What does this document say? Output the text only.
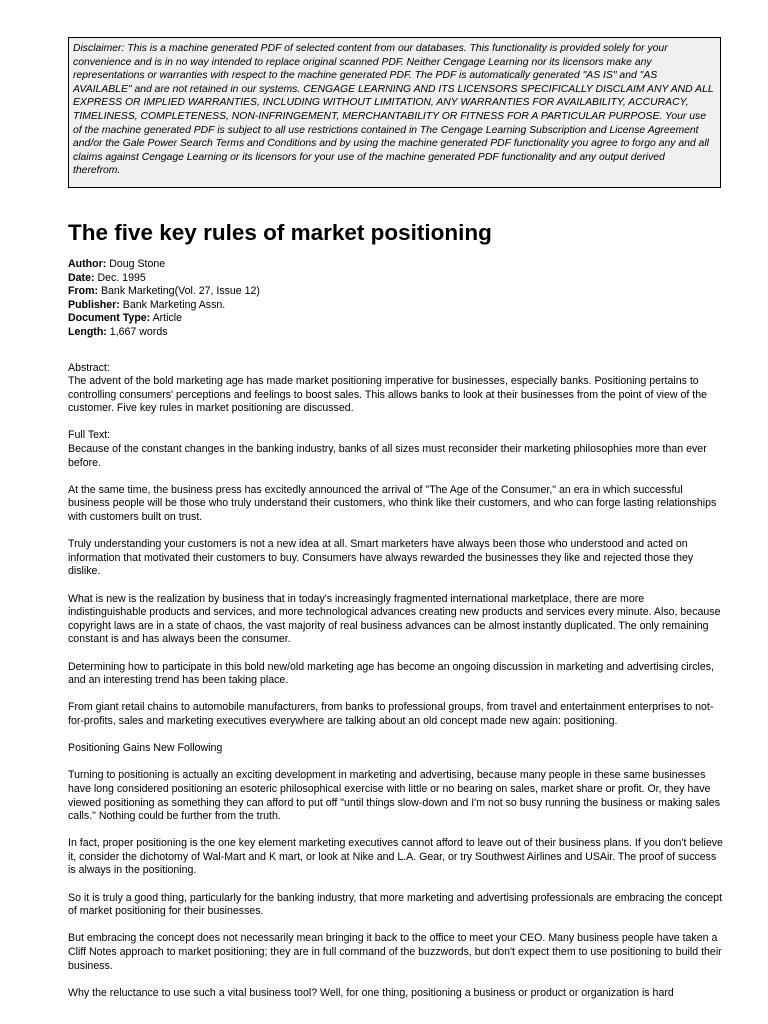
Disclaimer: This is a machine generated PDF of selected content from our databases. This functionality is provided solely for your convenience and is in no way intended to replace original scanned PDF. Neither Cengage Learning nor its licensors make any representations or warranties with respect to the machine generated PDF. The PDF is automatically generated "AS IS" and "AS AVAILABLE" and are not retained in our systems. CENGAGE LEARNING AND ITS LICENSORS SPECIFICALLY DISCLAIM ANY AND ALL EXPRESS OR IMPLIED WARRANTIES, INCLUDING WITHOUT LIMITATION, ANY WARRANTIES FOR AVAILABILITY, ACCURACY, TIMELINESS, COMPLETENESS, NON-INFRINGEMENT, MERCHANTABILITY OR FITNESS FOR A PARTICULAR PURPOSE. Your use of the machine generated PDF is subject to all use restrictions contained in The Cengage Learning Subscription and License Agreement and/or the Gale Power Search Terms and Conditions and by using the machine generated PDF functionality you agree to forgo any and all claims against Cengage Learning or its licensors for your use of the machine generated PDF functionality and any output derived therefrom.
The five key rules of market positioning
Author: Doug Stone
Date: Dec. 1995
From: Bank Marketing(Vol. 27, Issue 12)
Publisher: Bank Marketing Assn.
Document Type: Article
Length: 1,667 words

Abstract:
The advent of the bold marketing age has made market positioning imperative for businesses, especially banks. Positioning pertains to controlling consumers' perceptions and feelings to boost sales. This allows banks to look at their businesses from the point of view of the customer. Five key rules in market positioning are discussed.

Full Text:
Because of the constant changes in the banking industry, banks of all sizes must reconsider their marketing philosophies more than ever before.

At the same time, the business press has excitedly announced the arrival of "The Age of the Consumer," an era in which successful business people will be those who truly understand their customers, who think like their customers, and who can forge lasting relationships with customers built on trust.

Truly understanding your customers is not a new idea at all. Smart marketers have always been those who understood and acted on information that motivated their customers to buy. Consumers have always rewarded the businesses they like and rejected those they dislike.

What is new is the realization by business that in today's increasingly fragmented international marketplace, there are more indistinguishable products and services, and more technological advances creating new products and services every minute. Also, because copyright laws are in a state of chaos, the vast majority of real business advances can be almost instantly duplicated. The only remaining constant is and has always been the consumer.

Determining how to participate in this bold new/old marketing age has become an ongoing discussion in marketing and advertising circles, and an interesting trend has been taking place.

From giant retail chains to automobile manufacturers, from banks to professional groups, from travel and entertainment enterprises to not-for-profits, sales and marketing executives everywhere are talking about an old concept made new again: positioning.

Positioning Gains New Following

Turning to positioning is actually an exciting development in marketing and advertising, because many people in these same businesses have long considered positioning an esoteric philosophical exercise with little or no bearing on sales, market share or profit. Or, they have viewed positioning as something they can afford to put off "until things slow-down and I'm not so busy running the business or making sales calls." Nothing could be further from the truth.

In fact, proper positioning is the one key element marketing executives cannot afford to leave out of their business plans. If you don't believe it, consider the dichotomy of Wal-Mart and K mart, or look at Nike and L.A. Gear, or try Southwest Airlines and USAir. The proof of success is always in the positioning.

So it is truly a good thing, particularly for the banking industry, that more marketing and advertising professionals are embracing the concept of market positioning for their businesses.

But embracing the concept does not necessarily mean bringing it back to the office to meet your CEO. Many business people have taken a Cliff Notes approach to market positioning; they are in full command of the buzzwords, but don't expect them to use positioning to build their business.

Why the reluctance to use such a vital business tool? Well, for one thing, positioning a business or product or organization is hard
